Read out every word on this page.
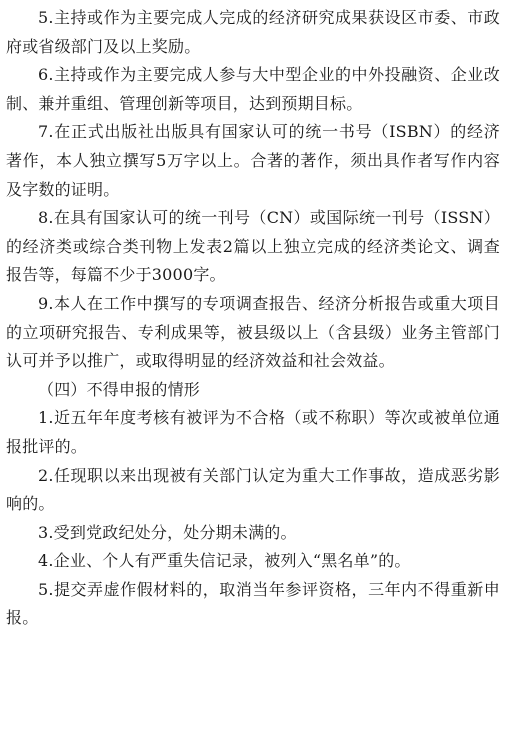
5.主持或作为主要完成人完成的经济研究成果获设区市委、市政府或省级部门及以上奖励。

6.主持或作为主要完成人参与大中型企业的中外投融资、企业改制、兼并重组、管理创新等项目，达到预期目标。

7.在正式出版社出版具有国家认可的统一书号（ISBN）的经济著作，本人独立撰写5万字以上。合著的著作，须出具作者写作内容及字数的证明。

8.在具有国家认可的统一刊号（CN）或国际统一刊号（ISSN）的经济类或综合类刊物上发表2篇以上独立完成的经济类论文、调查报告等，每篇不少于3000字。

9.本人在工作中撰写的专项调查报告、经济分析报告或重大项目的立项研究报告、专利成果等，被县级以上（含县级）业务主管部门认可并予以推广，或取得明显的经济效益和社会效益。

（四）不得申报的情形

1.近五年年度考核有被评为不合格（或不称职）等次或被单位通报批评的。

2.任现职以来出现被有关部门认定为重大工作事故，造成恶劣影响的。

3.受到党政纪处分，处分期未满的。

4.企业、个人有严重失信记录，被列入“黑名单”的。

5.提交弄虚作假材料的，取消当年参评资格，三年内不得重新申报。
